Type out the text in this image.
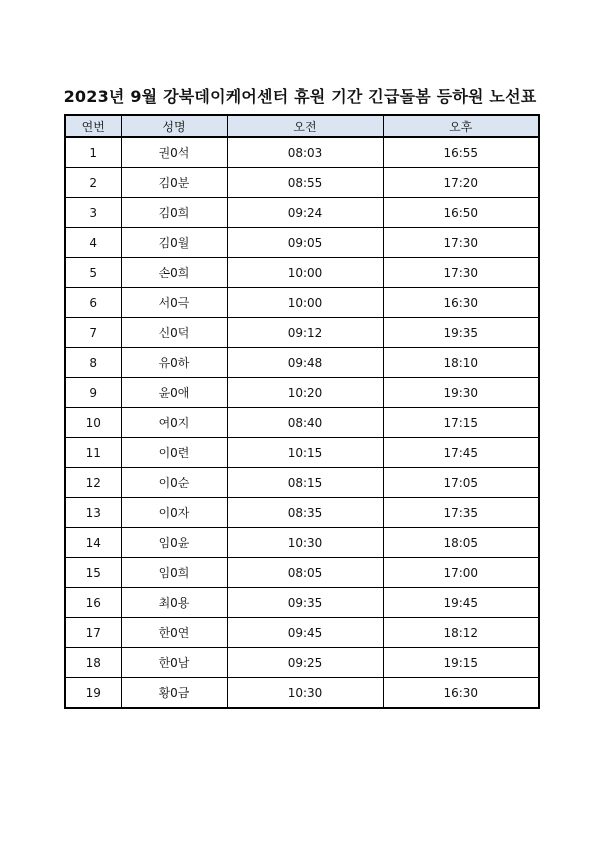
2023년 9월 강북데이케어센터 휴원 기간 긴급돌봄 등하원 노선표
연번	성명	오전	오후
1	권0석	08:03	16:55
2	김0분	08:55	17:20
3	김0희	09:24	16:50
4	김0월	09:05	17:30
5	손0희	10:00	17:30
6	서0극	10:00	16:30
7	신0덕	09:12	19:35
8	유0하	09:48	18:10
9	윤0애	10:20	19:30
10	여0지	08:40	17:15
11	이0련	10:15	17:45
12	이0순	08:15	17:05
13	이0자	08:35	17:35
14	임0윤	10:30	18:05
15	임0희	08:05	17:00
16	최0용	09:35	19:45
17	한0연	09:45	18:12
18	한0남	09:25	19:15
19	황0금	10:30	16:30
